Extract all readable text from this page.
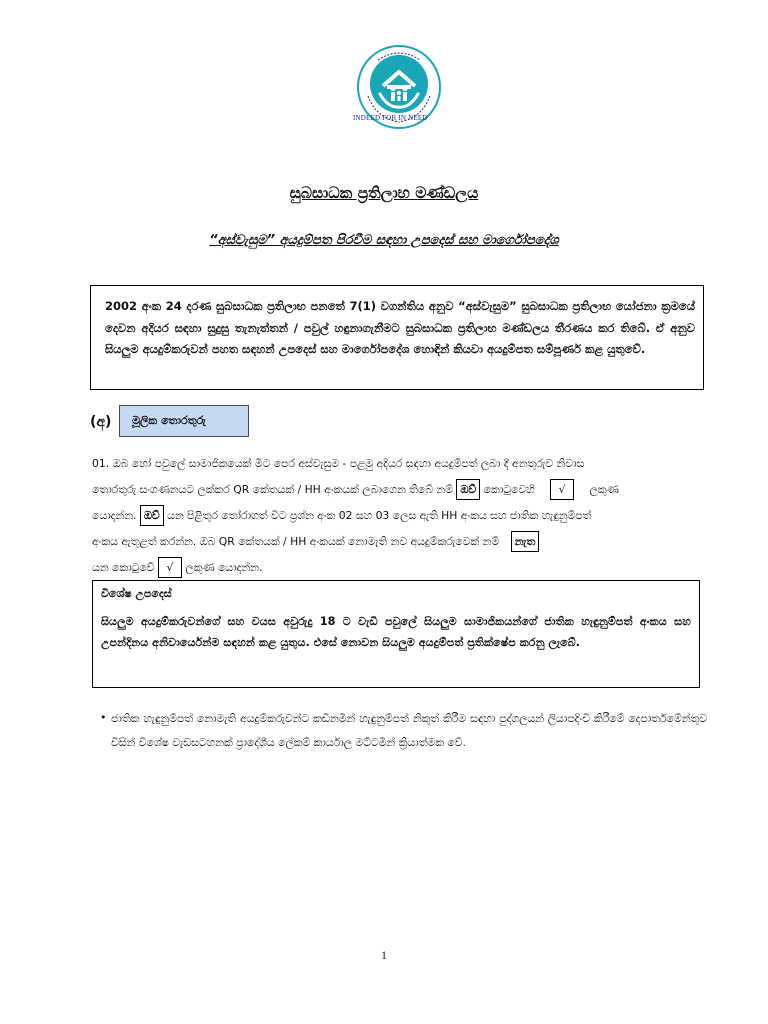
INDEED FOR IN NEED
සුබසාධක ප්‍රතිලාභ මණ්ඩලය
“අස්වැසුම” අයදුම්පත පිරවීම සඳහා උපදෙස් සහ මාර්ගෝපදේශ
2002 අංක 24 දරණ සුබසාධක ප්‍රතිලාභ පනතේ 7(1) වගන්තිය අනුව “අස්වැසුම” සුබසාධක ප්‍රතිලාභ යෝජනා ක්‍රමයේ දෙවන අදියර සඳහා සුදුසු තැනැත්තන් / පවුල් හඳුනාගැනීමට සුබසාධක ප්‍රතිලාභ මණ්ඩලය තීරණය කර තිබේ. ඒ අනුව සියලුම අයදුම්කරුවන් පහත සඳහන් උපදෙස් සහ මාර්ගෝපදේශ හොඳින් කියවා අයදුම්පත සම්පූර්ණ කළ යුතුවේ.
(අ)	මූලික තොරතුරු
01. ඔබ හෝ පවුලේ සාමාජිකයෙක් මීට පෙර අස්වැසුම - පළමු අදියර සඳහා අයදුම්පත් ලබා දී අනතුරුව නිවාස
තොරතුරු සංගණනයට ලක්කර QR කේතයක් / HH අංකයක් ලබාගෙන තිබේ නම් ඔව් කොටුවෙහි √ ලකුණ
යොදන්න. ඔව් යන පිළිතුර තෝරාගත් විට ප්‍රශ්න අංක 02 සහ 03 ලෙස ඇති HH අංකය සහ ජාතික හැඳුනුම්පත්
අංකය ඇතුළත් කරන්න. ඔබ QR කේතයක් / HH අංකයක් නොමැති නව අයදුම්කරුවෙක් නම් නැත
යන කොටුවේ √ ලකුණ යොදන්න.
විශේෂ උපදෙස්
සියලුම අයදුම්කරුවන්ගේ සහ වයස අවුරුදු 18 ට වැඩි පවුලේ සියලුම සාමාජිකයන්ගේ ජාතික හැඳුනුම්පත් අංකය සහ උපන්දිනය අනිවාර්යෙන්ම සඳහන් කළ යුතුය. එසේ නොවන සියලුම අයදුම්පත් ප්‍රතික්ෂේප කරනු ලැබේ.
• ජාතික හැඳුනුම්පත් නොමැති අයදුම්කරුවන්ට කඩිනමින් හැඳුනුම්පත් නිකුත් කිරීම සඳහා පුද්ගලයන් ලියාපදිංචි කිරීමේ දෙපාර්තමේන්තුව විසින් විශේෂ වැඩසටහනක් ප්‍රාදේශීය ලේකම් කාර්යාල මට්ටමින් ක්‍රියාත්මක වේ.
1
